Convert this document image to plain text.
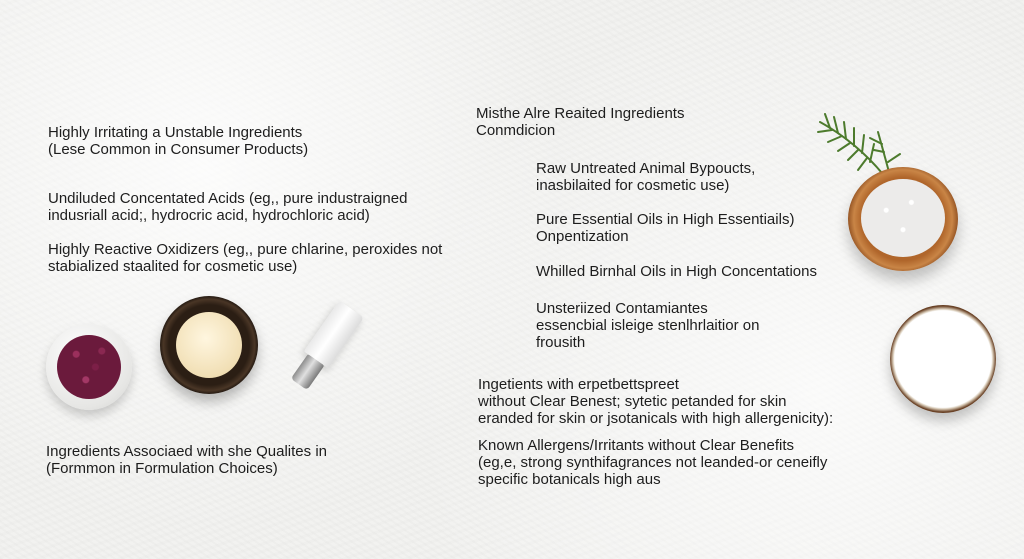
Highly Irritating a Unstable Ingredients
(Lese Common in Consumer Products)
Undiluded Concentated Acids (eg,, pure industraigned
indusriall acid;, hydrocric acid, hydrochloric acid)
Highly Reactive Oxidizers (eg,, pure chlarine, peroxides not
stabialized staalited for cosmetic use)
Ingredients Associaed with she Qualites in
(Formmon in Formulation Choices)
Misthe Alre Reaited Ingredients
Conmdicion
Raw Untreated Animal Bypoucts,
inasbilaited for cosmetic use)
Pure Essential Oils in High Essentiails)
Onpentization
Whilled Birnhal Oils in High Concentations
Unsteriized Contamiantes
essencbial isleige stenlhrlaitior on
frousith
Ingetients with erpetbettspreet
without Clear Benest; sytetic petanded for skin
eranded for skin or jsotanicals with high allergenicity):
Known Allergens/Irritants without Clear Benefits
(eg,e, strong synthifagrances not leanded-or ceneifly
specific botanicals high aus
